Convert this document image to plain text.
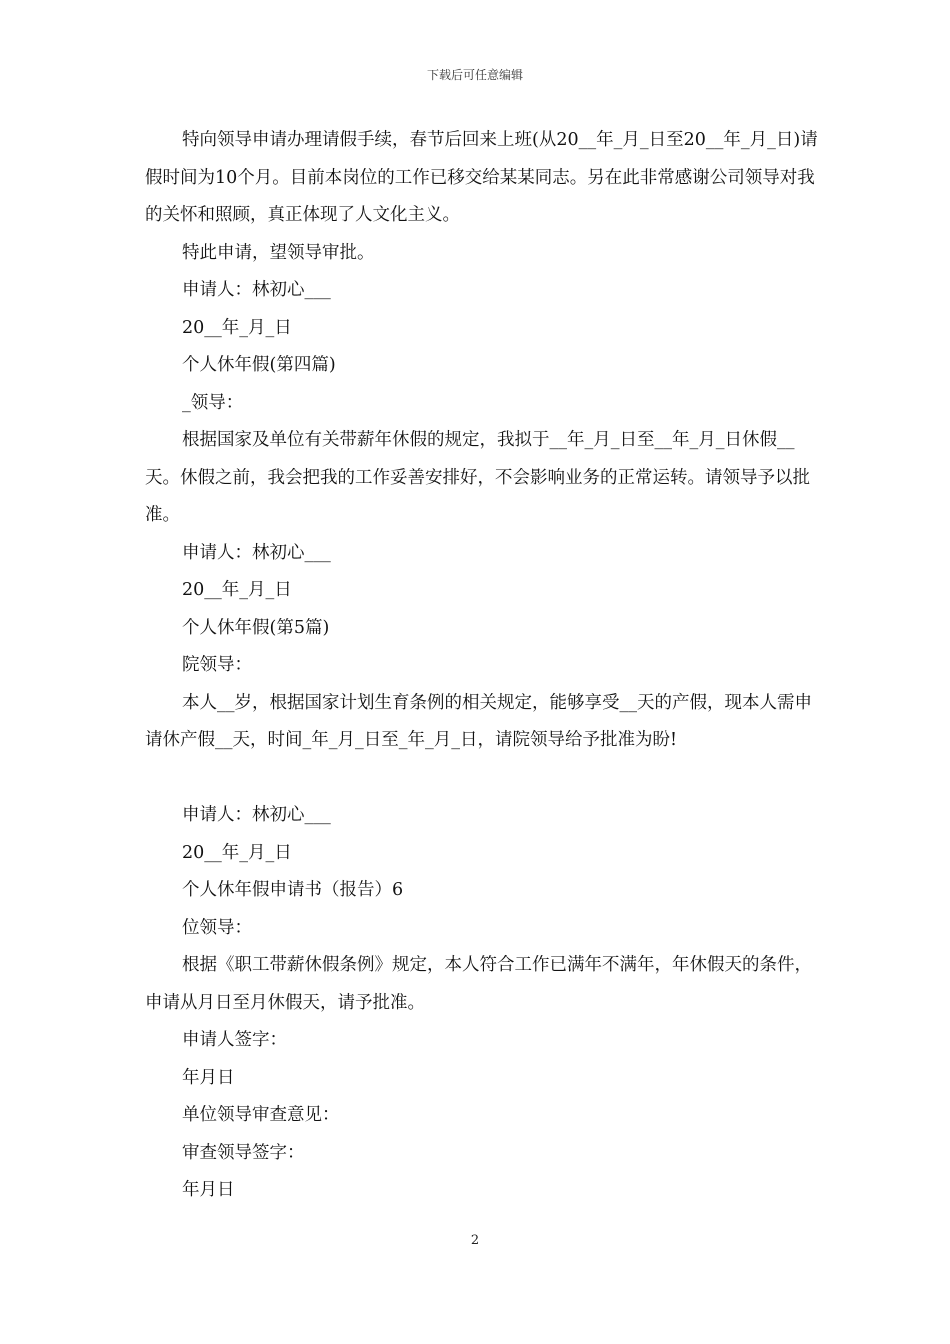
下载后可任意编辑

特向领导申请办理请假手续，春节后回来上班(从20__年_月_日至20__年_月_日)请假时间为10个月。目前本岗位的工作已移交给某某同志。另在此非常感谢公司领导对我的关怀和照顾，真正体现了人文化主义。

特此申请，望领导审批。

申请人：林初心___

20__年_月_日

个人休年假(第四篇)

_领导：

根据国家及单位有关带薪年休假的规定，我拟于__年_月_日至__年_月_日休假__天。休假之前，我会把我的工作妥善安排好，不会影响业务的正常运转。请领导予以批准。

申请人：林初心___

20__年_月_日

个人休年假(第5篇)

院领导：

本人__岁，根据国家计划生育条例的相关规定，能够享受__天的产假，现本人需申请休产假__天，时间_年_月_日至_年_月_日，请院领导给予批准为盼!

申请人：林初心___

20__年_月_日

个人休年假申请书（报告）6

位领导：

根据《职工带薪休假条例》规定，本人符合工作已满年不满年，年休假天的条件，申请从月日至月休假天，请予批准。

申请人签字：

年月日

单位领导审查意见：

审查领导签字：

年月日

2
